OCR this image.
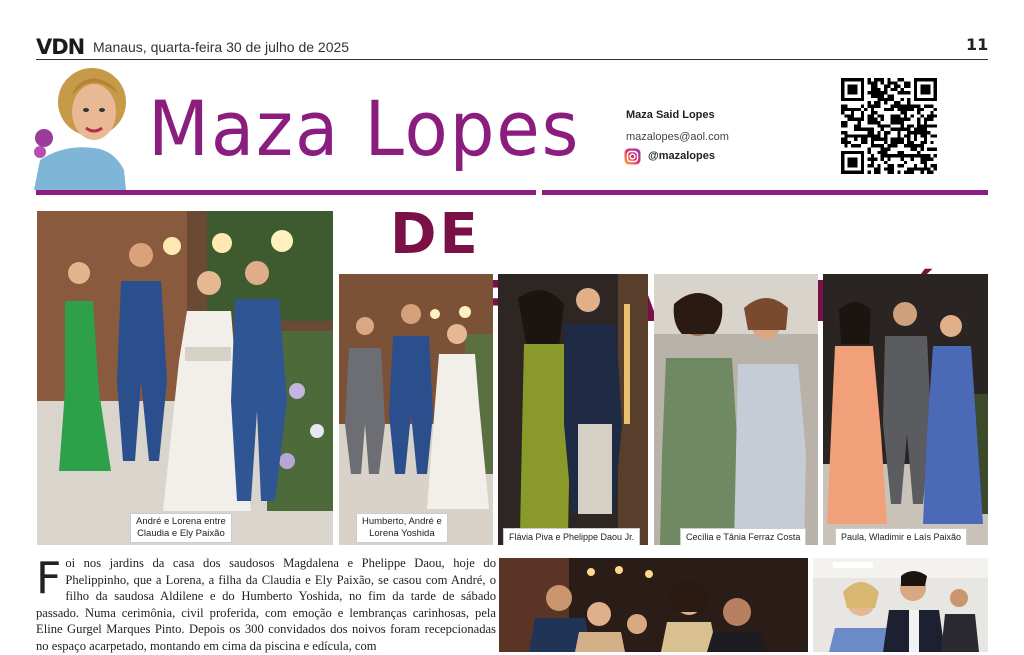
VDN Manaus, quarta-feira 30 de julho de 2025	11
Maza Lopes	Maza Said Lopes
mazalopes@aol.com
@mazalopes
DE
André e Lorena entre
Claudia e Ely Paixão
Humberto, André e
Lorena Yoshida	Flávia Piva e Phelippe Daou Jr.	Cecília e Tânia Ferraz Costa	Paula, Wladimir e Laís Paixão
F oi nos jardins da casa dos saudosos Magdalena e Phelippe Daou, hoje do Phelippinho, que a Lorena, a filha da Claudia e Ely Paixão, se casou com André, o filho da saudosa Aldilene e do Humberto Yoshida, no fim da tarde de sábado passado. Numa cerimônia, civil proferida, com emoção e lembranças carinhosas, pela Eline Gurgel Marques Pinto. Depois os 300 convidados dos noivos foram recepcionadas no espaço acarpetado, montando em cima da piscina e edícula, com
